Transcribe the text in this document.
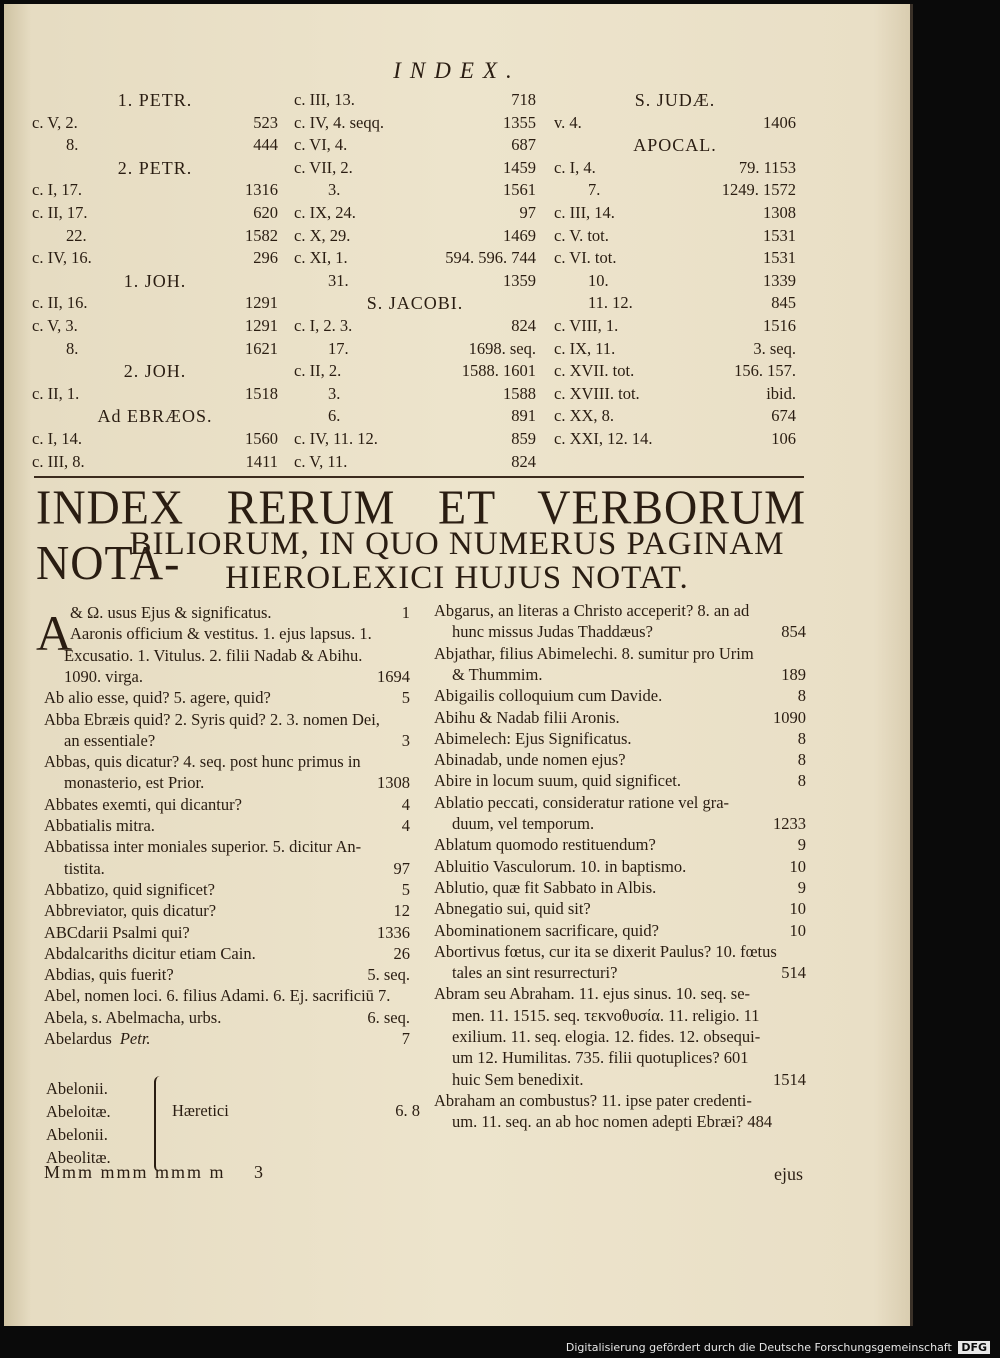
INDEX.
1. PETR.
c. V, 2.	523
8.	444
2. PETR.
c. I, 17.	1316
c. II, 17.	620
22.	1582
c. IV, 16.	296
1. JOH.
c. II, 16.	1291
c. V, 3.	1291
8.	1621
2. JOH.
c. II, 1.	1518
Ad EBRÆOS.
c. I, 14.	1560
c. III, 8.	1411
c. III, 13.	718
c. IV, 4. seqq.	1355
c. VI, 4.	687
c. VII, 2.	1459
3.	1561
c. IX, 24.	97
c. X, 29.	1469
c. XI, 1.	594. 596. 744
31.	1359
S. JACOBI.
c. I, 2. 3.	824
17.	1698. seq.
c. II, 2.	1588. 1601
3.	1588
6.	891
c. IV, 11. 12.	859
c. V, 11.	824
S. JUDÆ.
v. 4.	1406
APOCAL.
c. I, 4.	79. 1153
7.	1249. 1572
c. III, 14.	1308
c. V. tot.	1531
c. VI. tot.	1531
10.	1339
11. 12.	845
c. VIII, 1.	1516
c. IX, 11.	3. seq.
c. XVII. tot.	156. 157.
c. XVIII. tot.	ibid.
c. XX, 8.	674
c. XXI, 12. 14.	106
INDEX RERUM ET VERBORUM NOTA-
BILIORUM, IN QUO NUMERUS PAGINAM
HIEROLEXICI HUJUS NOTAT.
A
& Ω. usus Ejus & significatus.	1
Aaronis officium & vestitus. 1. ejus lapsus. 1.
Excusatio. 1. Vitulus. 2. filii Nadab & Abihu.
1090. virga.	1694
Ab alio esse, quid? 5. agere, quid?	5
Abba Ebræis quid? 2. Syris quid? 2. 3. nomen Dei,
an essentiale?	3
Abbas, quis dicatur? 4. seq. post hunc primus in
monasterio, est Prior.	1308
Abbates exemti, qui dicantur?	4
Abbatialis mitra.	4
Abbatissa inter moniales superior. 5. dicitur An-
tistita.	97
Abbatizo, quid significet?	5
Abbreviator, quis dicatur?	12
ABCdarii Psalmi qui?	1336
Abdalcariths dicitur etiam Cain.	26
Abdias, quis fuerit?	5. seq.
Abel, nomen loci. 6. filius Adami. 6. Ej. sacrificiū 7.
Abela, s. Abelmacha, urbs.	6. seq.
Abelardus Petr.	7
Abgarus, an literas a Christo acceperit? 8. an ad
hunc missus Judas Thaddæus?	854
Abjathar, filius Abimelechi. 8. sumitur pro Urim
& Thummim.	189
Abigailis colloquium cum Davide.	8
Abihu & Nadab filii Aronis.	1090
Abimelech: Ejus Significatus.	8
Abinadab, unde nomen ejus?	8
Abire in locum suum, quid significet.	8
Ablatio peccati, consideratur ratione vel gra-
duum, vel temporum.	1233
Ablatum quomodo restituendum?	9
Abluitio Vasculorum. 10. in baptismo.	10
Ablutio, quæ fit Sabbato in Albis.	9
Abnegatio sui, quid sit?	10
Abominationem sacrificare, quid?	10
Abortivus fœtus, cur ita se dixerit Paulus? 10. fœtus
tales an sint resurrecturi?	514
Abram seu Abraham. 11. ejus sinus. 10. seq. se-
men. 11. 1515. seq. τεκνοθυσία. 11. religio. 11
exilium. 11. seq. elogia. 12. fides. 12. obsequi-
um 12. Humilitas. 735. filii quotuplices? 601
huic Sem benedixit.	1514
Abraham an combustus? 11. ipse pater credenti-
um. 11. seq. an ab hoc nomen adepti Ebræi? 484
Hæretici	6. 8
Abelonii.
Abeloitæ.
Abelonii.
Abeolitæ.
Mmm mmm mmm m 3	ejus
Digitalisierung gefördert durch die Deutsche Forschungsgemeinschaft DFG
